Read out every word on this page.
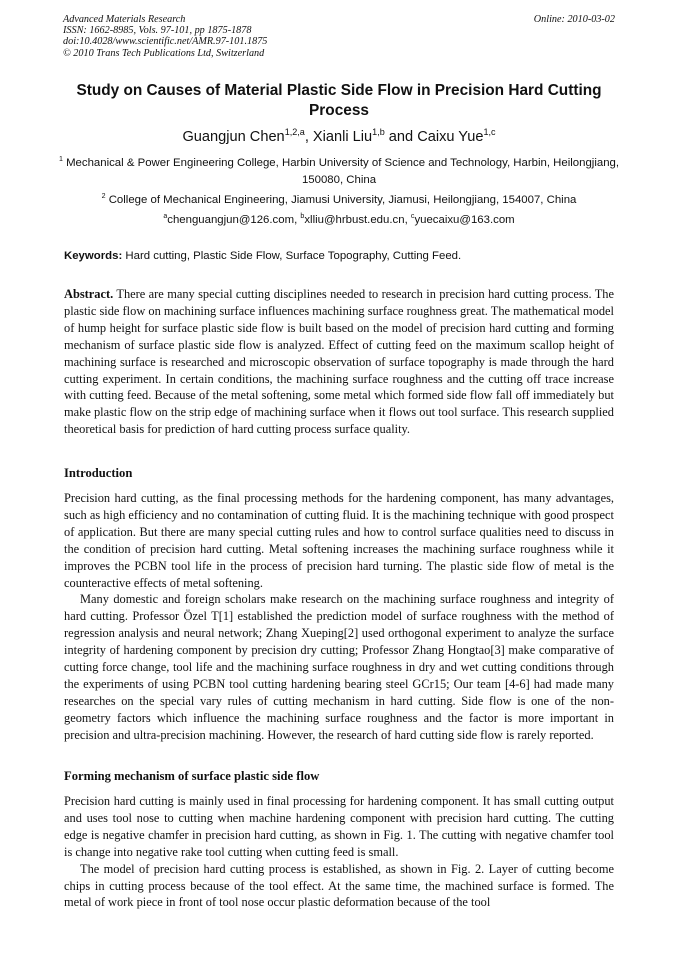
Advanced Materials Research
ISSN: 1662-8985, Vols. 97-101, pp 1875-1878
doi:10.4028/www.scientific.net/AMR.97-101.1875
© 2010 Trans Tech Publications Ltd, Switzerland
Online: 2010-03-02
Study on Causes of Material Plastic Side Flow in Precision Hard Cutting Process
Guangjun Chen$^{1,2,a}$, Xianli Liu$^{1,b}$ and Caixu Yue$^{1,c}$
$^1$ Mechanical & Power Engineering College, Harbin University of Science and Technology, Harbin, Heilongjiang, 150080, China
$^2$ College of Mechanical Engineering, Jiamusi University, Jiamusi, Heilongjiang, 154007, China
$^a$chenguangjun@126.com, $^b$xlliu@hrbust.edu.cn, $^c$yuecaixu@163.com
Keywords: Hard cutting, Plastic Side Flow, Surface Topography, Cutting Feed.

Abstract. There are many special cutting disciplines needed to research in precision hard cutting process. The plastic side flow on machining surface influences machining surface roughness great. The mathematical model of hump height for surface plastic side flow is built based on the model of precision hard cutting and forming mechanism of surface plastic side flow is analyzed. Effect of cutting feed on the maximum scallop height of machining surface is researched and microscopic observation of surface topography is made through the hard cutting experiment. In certain conditions, the machining surface roughness and the cutting off trace increase with cutting feed. Because of the metal softening, some metal which formed side flow fall off immediately but make plastic flow on the strip edge of machining surface when it flows out tool surface. This research supplied theoretical basis for prediction of hard cutting process surface quality.

Introduction

Precision hard cutting, as the final processing methods for the hardening component, has many advantages, such as high efficiency and no contamination of cutting fluid. It is the machining technique with good prospect of application. But there are many special cutting rules and how to control surface qualities need to discuss in the condition of precision hard cutting. Metal softening increases the machining surface roughness while it improves the PCBN tool life in the process of precision hard turning. The plastic side flow of metal is the counteractive effects of metal softening.

Many domestic and foreign scholars make research on the machining surface roughness and integrity of hard cutting. Professor Özel T[1] established the prediction model of surface roughness with the method of regression analysis and neural network; Zhang Xueping[2] used orthogonal experiment to analyze the surface integrity of hardening component by precision dry cutting; Professor Zhang Hongtao[3] make comparative of cutting force change, tool life and the machining surface roughness in dry and wet cutting conditions through the experiments of using PCBN tool cutting hardening bearing steel GCr15; Our team [4-6] had made many researches on the special vary rules of cutting mechanism in hard cutting. Side flow is one of the non-geometry factors which influence the machining surface roughness and the factor is more important in precision and ultra-precision machining. However, the research of hard cutting side flow is rarely reported.

Forming mechanism of surface plastic side flow

Precision hard cutting is mainly used in final processing for hardening component. It has small cutting output and uses tool nose to cutting when machine hardening component with precision hard cutting. The cutting edge is negative chamfer in precision hard cutting, as shown in Fig. 1. The cutting with negative chamfer tool is change into negative rake tool cutting when cutting feed is small.

The model of precision hard cutting process is established, as shown in Fig. 2. Layer of cutting become chips in cutting process because of the tool effect. At the same time, the machined surface is formed. The metal of work piece in front of tool nose occur plastic deformation because of the tool
